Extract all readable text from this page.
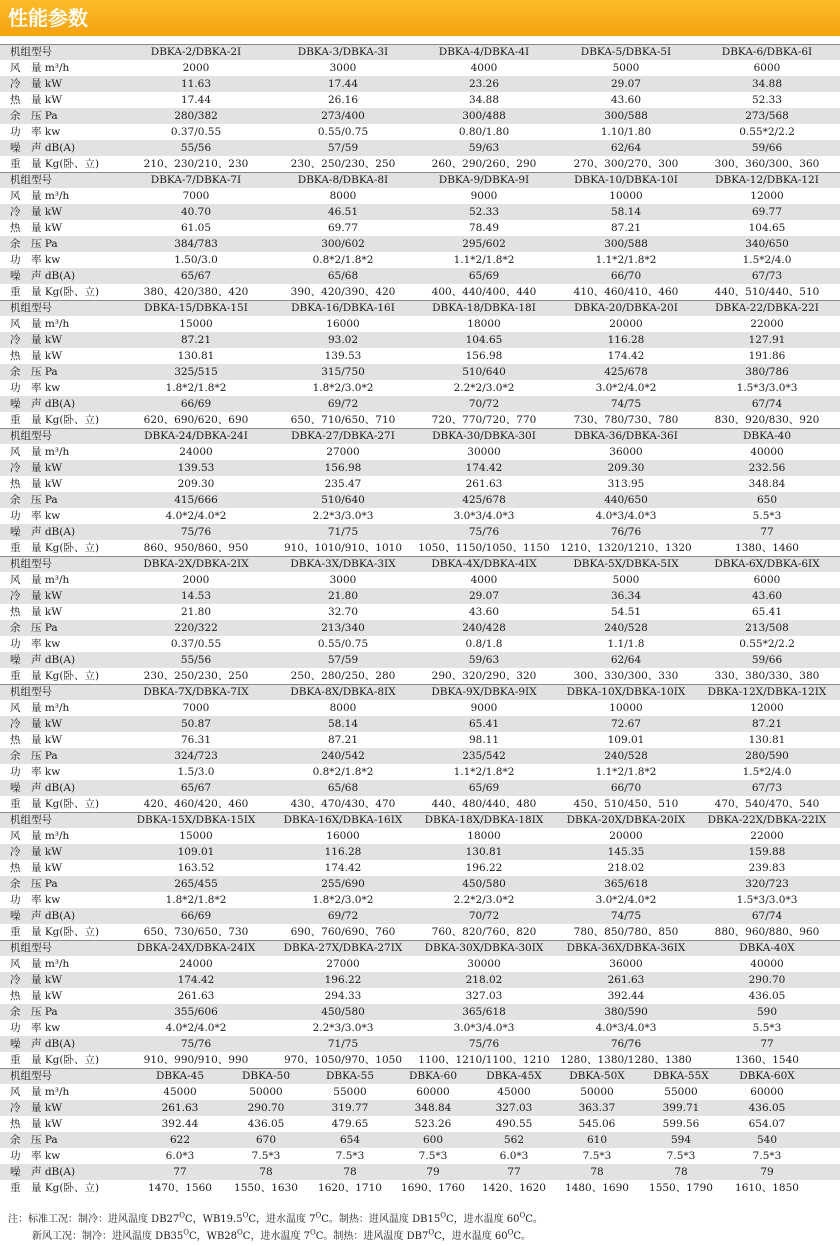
性能参数
机组型号	DBKA-2/DBKA-2Ⅰ	DBKA-3/DBKA-3Ⅰ	DBKA-4/DBKA-4Ⅰ	DBKA-5/DBKA-5Ⅰ	DBKA-6/DBKA-6Ⅰ
风　量 m³/h	2000	3000	4000	5000	6000
冷　量 kW	11.63	17.44	23.26	29.07	34.88
热　量 kW	17.44	26.16	34.88	43.60	52.33
余　压 Pa	280/382	273/400	300/488	300/588	273/568
功　率 kw	0.37/0.55	0.55/0.75	0.80/1.80	1.10/1.80	0.55*2/2.2
噪　声 dB(A)	55/56	57/59	59/63	62/64	59/66
重　量 Kg(卧、立)	210、230/210、230	230、250/230、250	260、290/260、290	270、300/270、300	300、360/300、360
机组型号	DBKA-7/DBKA-7Ⅰ	DBKA-8/DBKA-8Ⅰ	DBKA-9/DBKA-9Ⅰ	DBKA-10/DBKA-10Ⅰ	DBKA-12/DBKA-12Ⅰ
风　量 m³/h	7000	8000	9000	10000	12000
冷　量 kW	40.70	46.51	52.33	58.14	69.77
热　量 kW	61.05	69.77	78.49	87.21	104.65
余　压 Pa	384/783	300/602	295/602	300/588	340/650
功　率 kw	1.50/3.0	0.8*2/1.8*2	1.1*2/1.8*2	1.1*2/1.8*2	1.5*2/4.0
噪　声 dB(A)	65/67	65/68	65/69	66/70	67/73
重　量 Kg(卧、立)	380、420/380、420	390、420/390、420	400、440/400、440	410、460/410、460	440、510/440、510
机组型号	DBKA-15/DBKA-15Ⅰ	DBKA-16/DBKA-16Ⅰ	DBKA-18/DBKA-18Ⅰ	DBKA-20/DBKA-20Ⅰ	DBKA-22/DBKA-22Ⅰ
风　量 m³/h	15000	16000	18000	20000	22000
冷　量 kW	87.21	93.02	104.65	116.28	127.91
热　量 kW	130.81	139.53	156.98	174.42	191.86
余　压 Pa	325/515	315/750	510/640	425/678	380/786
功　率 kw	1.8*2/1.8*2	1.8*2/3.0*2	2.2*2/3.0*2	3.0*2/4.0*2	1.5*3/3.0*3
噪　声 dB(A)	66/69	69/72	70/72	74/75	67/74
重　量 Kg(卧、立)	620、690/620、690	650、710/650、710	720、770/720、770	730、780/730、780	830、920/830、920
机组型号	DBKA-24/DBKA-24Ⅰ	DBKA-27/DBKA-27Ⅰ	DBKA-30/DBKA-30Ⅰ	DBKA-36/DBKA-36Ⅰ	DBKA-40
风　量 m³/h	24000	27000	30000	36000	40000
冷　量 kW	139.53	156.98	174.42	209.30	232.56
热　量 kW	209.30	235.47	261.63	313.95	348.84
余　压 Pa	415/666	510/640	425/678	440/650	650
功　率 kw	4.0*2/4.0*2	2.2*3/3.0*3	3.0*3/4.0*3	4.0*3/4.0*3	5.5*3
噪　声 dB(A)	75/76	71/75	75/76	76/76	77
重　量 Kg(卧、立)	860、950/860、950	910、1010/910、1010	1050、1150/1050、1150	1210、1320/1210、1320	1380、1460
机组型号	DBKA-2X/DBKA-2ⅠX	DBKA-3X/DBKA-3ⅠX	DBKA-4X/DBKA-4ⅠX	DBKA-5X/DBKA-5ⅠX	DBKA-6X/DBKA-6ⅠX
风　量 m³/h	2000	3000	4000	5000	6000
冷　量 kW	14.53	21.80	29.07	36.34	43.60
热　量 kW	21.80	32.70	43.60	54.51	65.41
余　压 Pa	220/322	213/340	240/428	240/528	213/508
功　率 kw	0.37/0.55	0.55/0.75	0.8/1.8	1.1/1.8	0.55*2/2.2
噪　声 dB(A)	55/56	57/59	59/63	62/64	59/66
重　量 Kg(卧、立)	230、250/230、250	250、280/250、280	290、320/290、320	300、330/300、330	330、380/330、380
机组型号	DBKA-7X/DBKA-7ⅠX	DBKA-8X/DBKA-8ⅠX	DBKA-9X/DBKA-9ⅠX	DBKA-10X/DBKA-10ⅠX	DBKA-12X/DBKA-12ⅠX
风　量 m³/h	7000	8000	9000	10000	12000
冷　量 kW	50.87	58.14	65.41	72.67	87.21
热　量 kW	76.31	87.21	98.11	109.01	130.81
余　压 Pa	324/723	240/542	235/542	240/528	280/590
功　率 kw	1.5/3.0	0.8*2/1.8*2	1.1*2/1.8*2	1.1*2/1.8*2	1.5*2/4.0
噪　声 dB(A)	65/67	65/68	65/69	66/70	67/73
重　量 Kg(卧、立)	420、460/420、460	430、470/430、470	440、480/440、480	450、510/450、510	470、540/470、540
机组型号	DBKA-15X/DBKA-15ⅠX	DBKA-16X/DBKA-16ⅠX	DBKA-18X/DBKA-18ⅠX	DBKA-20X/DBKA-20ⅠX	DBKA-22X/DBKA-22ⅠX
风　量 m³/h	15000	16000	18000	20000	22000
冷　量 kW	109.01	116.28	130.81	145.35	159.88
热　量 kW	163.52	174.42	196.22	218.02	239.83
余　压 Pa	265/455	255/690	450/580	365/618	320/723
功　率 kw	1.8*2/1.8*2	1.8*2/3.0*2	2.2*2/3.0*2	3.0*2/4.0*2	1.5*3/3.0*3
噪　声 dB(A)	66/69	69/72	70/72	74/75	67/74
重　量 Kg(卧、立)	650、730/650、730	690、760/690、760	760、820/760、820	780、850/780、850	880、960/880、960
机组型号	DBKA-24X/DBKA-24ⅠX	DBKA-27X/DBKA-27ⅠX	DBKA-30X/DBKA-30ⅠX	DBKA-36X/DBKA-36ⅠX	DBKA-40X
风　量 m³/h	24000	27000	30000	36000	40000
冷　量 kW	174.42	196.22	218.02	261.63	290.70
热　量 kW	261.63	294.33	327.03	392.44	436.05
余　压 Pa	355/606	450/580	365/618	380/590	590
功　率 kw	4.0*2/4.0*2	2.2*3/3.0*3	3.0*3/4.0*3	4.0*3/4.0*3	5.5*3
噪　声 dB(A)	75/76	71/75	75/76	76/76	77
重　量 Kg(卧、立)	910、990/910、990	970、1050/970、1050	1100、1210/1100、1210	1280、1380/1280、1380	1360、1540
机组型号	DBKA-45	DBKA-50	DBKA-55	DBKA-60	DBKA-45X	DBKA-50X	DBKA-55X	DBKA-60X
风　量 m³/h	45000	50000	55000	60000	45000	50000	55000	60000
冷　量 kW	261.63	290.70	319.77	348.84	327.03	363.37	399.71	436.05
热　量 kW	392.44	436.05	479.65	523.26	490.55	545.06	599.56	654.07
余　压 Pa	622	670	654	600	562	610	594	540
功　率 kw	6.0*3	7.5*3	7.5*3	7.5*3	6.0*3	7.5*3	7.5*3	7.5*3
噪　声 dB(A)	77	78	78	79	77	78	78	79
重　量 Kg(卧、立)	1470、1560	1550、1630	1620、1710	1690、1760	1420、1620	1480、1690	1550、1790	1610、1850
注：标准工况：制冷：进风温度 $DB27^OC$，$WB19.5^OC$，进水温度 $7^OC$。制热：进风温度 $DB15^OC$，进水温度 $60^OC$。
新风工况：制冷：进风温度 $DB35^OC$，$WB28^OC$，进水温度 $7^OC$。制热：进风温度 $DB7^OC$，进水温度 $60^OC$。
